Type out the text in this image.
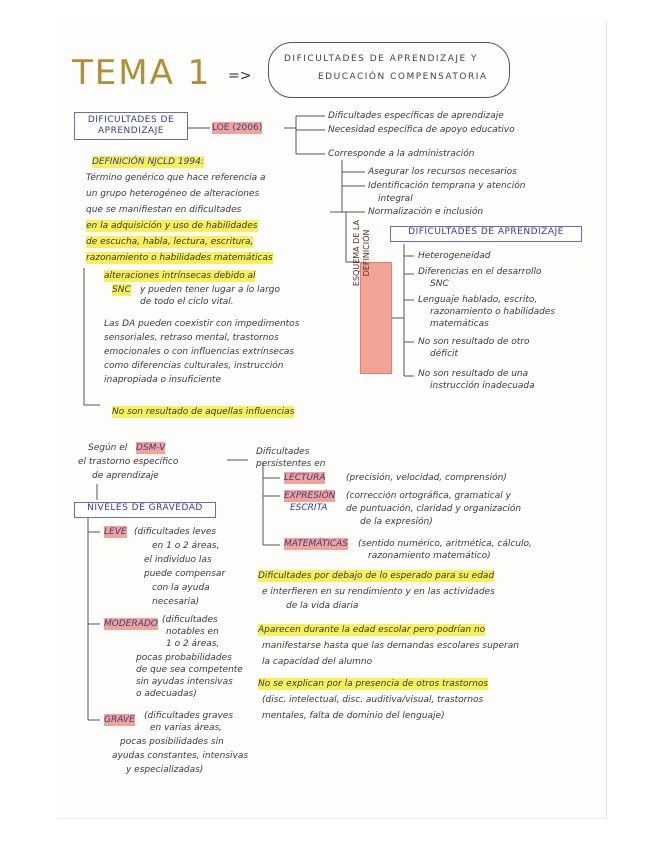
TEMA 1 =>
DIFICULTADES DE APRENDIZAJE Y
EDUCACIÓN COMPENSATORIA
DIFICULTADES DE
APRENDIZAJE	LOE (2006)
Dificultades específicas de aprendizaje
Necesidad específica de apoyo educativo
Corresponde a la administración
Asegurar los recursos necesarios
Identificación temprana y atención
integral
Normalización e inclusión
DEFINICIÓN NJCLD 1994:
Término genérico que hace referencia a
un grupo heterogéneo de alteraciones
que se manifiestan en dificultades
en la adquisición y uso de habilidades
de escucha, habla, lectura, escritura,
razonamiento o habilidades matemáticas
alteraciones intrínsecas debido al
SNC y pueden tener lugar a lo largo
de todo el ciclo vital.
Las DA pueden coexistir con impedimentos
sensoriales, retraso mental, trastornos
emocionales o con influencias extrínsecas
como diferencias culturales, instrucción
inapropiada o insuficiente
No son resultado de aquellas influencias
ESQUEMA DE LA DEFINICIÓN	DIFICULTADES DE APRENDIZAJE
Heterogeneidad
Diferencias en el desarrollo
SNC
Lenguaje hablado, escrito,
razonamiento o habilidades
matemáticas
No son resultado de otro
déficit
No son resultado de una
instrucción inadecuada
Según el DSM-V
el trastorno específico
de aprendizaje
Dificultades
persistentes en
LECTURA (precisión, velocidad, comprensión)
EXPRESIÓN
ESCRITA
(corrección ortográfica, gramatical y
de puntuación, claridad y organización
de la expresión)
MATEMÁTICAS (sentido numérico, aritmética, cálculo,
razonamiento matemático)
Dificultades por debajo de lo esperado para su edad
e interfieren en su rendimiento y en las actividades
de la vida diaria
Aparecen durante la edad escolar pero podrían no
manifestarse hasta que las demandas escolares superan
la capacidad del alumno
No se explican por la presencia de otros trastornos
(disc. intelectual, disc. auditiva/visual, trastornos
mentales, falta de dominio del lenguaje)
NIVELES DE GRAVEDAD
LEVE (dificultades leves
en 1 o 2 áreas,
el individuo las
puede compensar
con la ayuda
necesaria)
MODERADO (dificultades
notables en
1 o 2 áreas,
pocas probabilidades
de que sea competente
sin ayudas intensivas
o adecuadas)
GRAVE (dificultades graves
en varias áreas,
pocas posibilidades sin
ayudas constantes, intensivas
y especializadas)
